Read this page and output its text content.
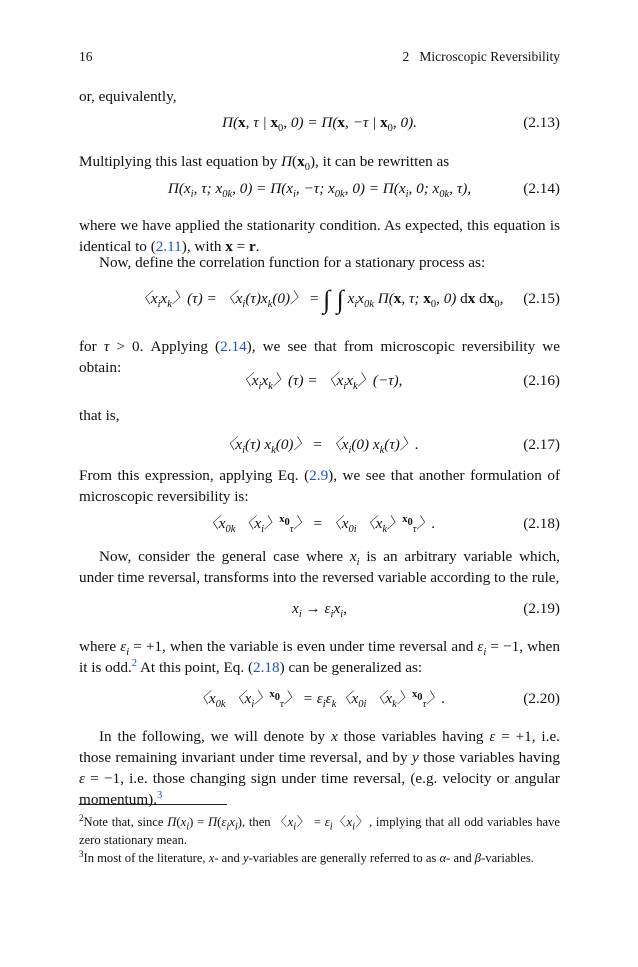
16	2   Microscopic Reversibility

or, equivalently,

Π(x, τ | $x_0$, 0) = Π(x, −τ | $x_0$, 0).	(2.13)

Multiplying this last equation by $\Pi(x_0)$, it can be rewritten as

$\Pi(x_i$, τ; $x_{0k}$, $0) = \Pi(x_i$, −τ; $x_{0k}$, $0) = \Pi(x_i$, 0; $x_{0k}$, τ),	(2.14)

where we have applied the stationarity condition. As expected, this equation is identical to (2.11), with x = r.

Now, define the correlation function for a stationary process as:

〈$x_ix_k$〉(τ) = 〈$x_i(\tau)x_k(0)$〉 = ∫ ∫ $x_ix_{0k}$ Π(x, τ; $x_0$, 0) dx $dx_0$,	(2.15)

for τ > 0. Applying (2.14), we see that from microscopic reversibility we obtain:

〈$x_ix_k$〉(τ) = 〈$x_ix_k$〉(−τ),	(2.16)

that is,

〈$x_i(\tau)$ $x_k(0)$〉 = 〈$x_i(0)$ $x_k(\tau)$〉.	(2.17)

From this expression, applying Eq. (2.9), we see that another formulation of microscopic reversibility is:

〈$x_{0k}$ 〈$x_i$〉$^{x_0}_\tau$〉 = 〈$x_{0i}$ 〈$x_k$〉$^{x_0}_\tau$〉.	(2.18)

Now, consider the general case where $x_i$ is an arbitrary variable which, under time reversal, transforms into the reversed variable according to the rule,

$x_i \to \varepsilon_ix_i$,	(2.19)

where $\varepsilon_i = +1$, when the variable is even under time reversal and $\varepsilon_i = -1$, when it is odd.$^2$ At this point, Eq. (2.18) can be generalized as:

〈$x_{0k}$ 〈$x_i$〉$^{x_0}_\tau$〉 = $\varepsilon_i\varepsilon_k$〈$x_{0i}$ 〈$x_k$〉$^{x_0}_\tau$〉.	(2.20)

In the following, we will denote by x those variables having ε = +1, i.e. those remaining invariant under time reversal, and by y those variables having ε = −1, i.e. those changing sign under time reversal, (e.g. velocity or angular momentum).$^3$

$^2$Note that, since $\Pi(x_i) = \Pi(\varepsilon_ix_i)$, then 〈$x_i$〉 = $\varepsilon_i$〈$x_i$〉, implying that all odd variables have zero stationary mean.

$^3$In most of the literature, x- and y-variables are generally referred to as α- and β-variables.
